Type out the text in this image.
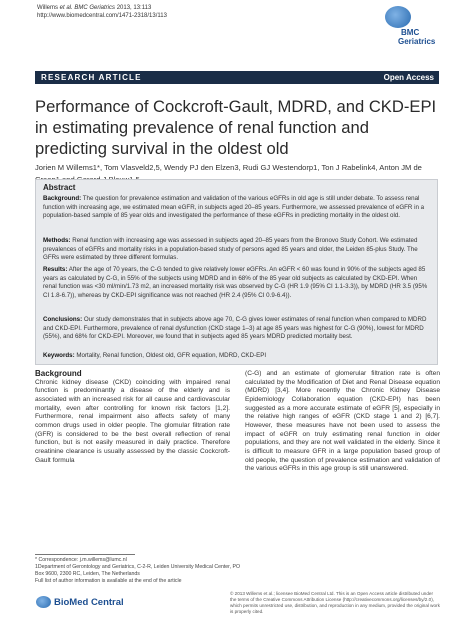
Willems et al. BMC Geriatrics 2013, 13:113
http://www.biomedcentral.com/1471-2318/13/113
BMC
Geriatrics
RESEARCH ARTICLE	Open Access
Performance of Cockcroft-Gault, MDRD, and CKD-EPI in estimating prevalence of renal function and predicting survival in the oldest old
Jorien M Willems1*, Tom Vlasveld2,5, Wendy PJ den Elzen3, Rudi GJ Westendorp1, Ton J Rabelink4, Anton JM de
Abstract
Background: The question for prevalence estimation and validation of the various eGFRs in old age is still under debate. To assess renal function with increasing age, we estimated mean eGFR, in subjects aged 20–85 years. Furthermore, we assessed prevalence of eGFR in a population-based sample of 85 year olds and investigated the performance of these eGFRs in predicting mortality in the oldest old.
Methods: Renal function with increasing age was assessed in subjects aged 20–85 years from the Bronovo Study Cohort. We estimated prevalences of eGFRs and mortality risks in a population-based study of persons aged 85 years and older, the Leiden 85-plus Study. The GFRs were estimated by three different formulas.
Results: After the age of 70 years, the C-G tended to give relatively lower eGFRs. An eGFR < 60 was found in 90% of the subjects aged 85 years as calculated by C-G, in 55% of the subjects using MDRD and in 68% of the 85 year old subjects as calculated by CKD-EPI. When renal function was <30 ml/min/1.73 m2, an increased mortality risk was observed by C-G (HR 1.9 (95% CI 1.1-3.3)), by MDRD (HR 3.5 (95% CI 1.8-6.7)), whereas by CKD-EPI significance was not reached (HR 2.4 (95% CI 0.9-6.4)).
Conclusions: Our study demonstrates that in subjects above age 70, C-G gives lower estimates of renal function when compared to MDRD and CKD-EPI. Furthermore, prevalence of renal dysfunction (CKD stage 1–3) at age 85 years was highest for C-G (90%), lowest for MDRD (55%), and 68% for CKD-EPI. Moreover, we found that in subjects aged 85 years MDRD predicted mortality best.
Keywords: Mortality, Renal function, Oldest old, GFR equation, MDRD, CKD-EPI
Background
Chronic kidney disease (CKD) coinciding with impaired renal function is predominantly a disease of the elderly and is associated with an increased risk for all cause and cardiovascular mortality, even after controlling for known risk factors [1,2]. Furthermore, renal impairment also affects safety of many common drugs used in older people. The glomular filtration rate (GFR) is considered to be the best overall reflection of renal function, but is not easily measured in daily practice. Therefore creatinine clearance is usually assessed by the classic Cockcroft-Gault formula
(C-G) and an estimate of glomerular filtration rate is often calculated by the Modification of Diet and Renal Disease equation (MDRD) [3,4]. More recently the Chronic Kidney Disease Epidemiology Collaboration equation (CKD-EPI) has been suggested as a more accurate estimate of eGFR [5], especially in the relative high ranges of eGFR (CKD stage 1 and 2) [6,7]. However, these measures have not been used to assess the impact of eGFR on truly estimating renal function in older populations, and they are not well validated in the elderly. Since it is difficult to measure GFR in a large population based group of old people, the question of prevalence estimation and validation of the various eGFRs in this age group is still unanswered.
* Correspondence: j.m.willems@lumc.nl
1Department of Gerontology and Geriatrics, C-2-R, Leiden University Medical Center, PO Box 9600, 2300 RC, Leiden, The Netherlands
Full list of author information is available at the end of the article
BioMed Central
© 2013 Willems et al.; licensee BioMed Central Ltd. This is an Open Access article distributed under the terms of the Creative Commons Attribution License (http://creativecommons.org/licenses/by/2.0), which permits unrestricted use, distribution, and reproduction in any medium, provided the original work is properly cited.
